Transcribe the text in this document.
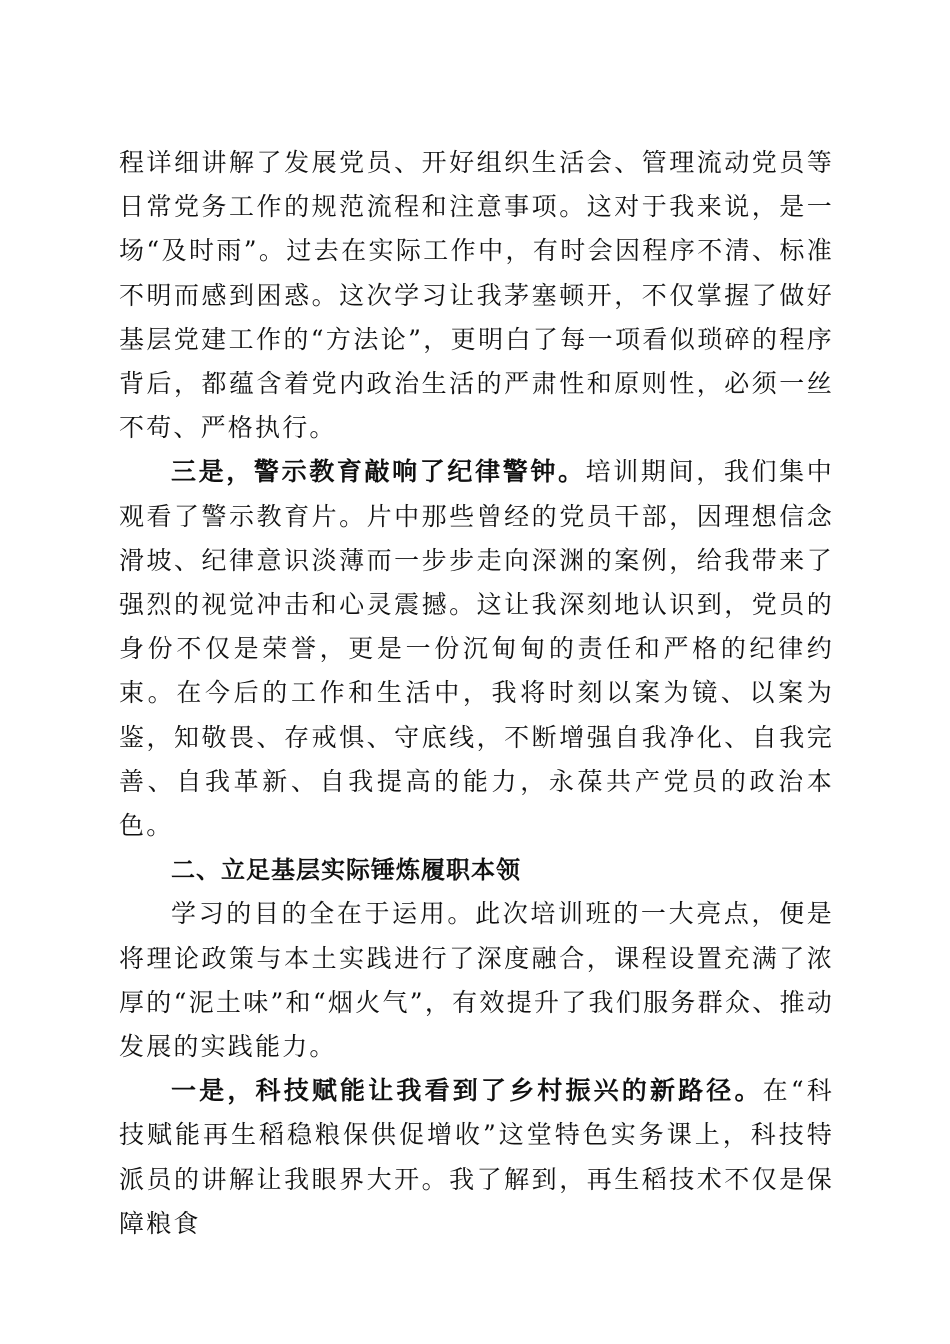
程详细讲解了发展党员、开好组织生活会、管理流动党员等日常党务工作的规范流程和注意事项。这对于我来说，是一场“及时雨”。过去在实际工作中，有时会因程序不清、标准不明而感到困惑。这次学习让我茅塞顿开，不仅掌握了做好基层党建工作的“方法论”，更明白了每一项看似琐碎的程序背后，都蕴含着党内政治生活的严肃性和原则性，必须一丝不苟、严格执行。

三是，警示教育敲响了纪律警钟。培训期间，我们集中观看了警示教育片。片中那些曾经的党员干部，因理想信念滑坡、纪律意识淡薄而一步步走向深渊的案例，给我带来了强烈的视觉冲击和心灵震撼。这让我深刻地认识到，党员的身份不仅是荣誉，更是一份沉甸甸的责任和严格的纪律约束。在今后的工作和生活中，我将时刻以案为镜、以案为鉴，知敬畏、存戒惧、守底线，不断增强自我净化、自我完善、自我革新、自我提高的能力，永葆共产党员的政治本色。

二、立足基层实际锤炼履职本领

学习的目的全在于运用。此次培训班的一大亮点，便是将理论政策与本土实践进行了深度融合，课程设置充满了浓厚的“泥土味”和“烟火气”，有效提升了我们服务群众、推动发展的实践能力。

一是，科技赋能让我看到了乡村振兴的新路径。在“科技赋能再生稻稳粮保供促增收”这堂特色实务课上，科技特派员的讲解让我眼界大开。我了解到，再生稻技术不仅是保障粮食
